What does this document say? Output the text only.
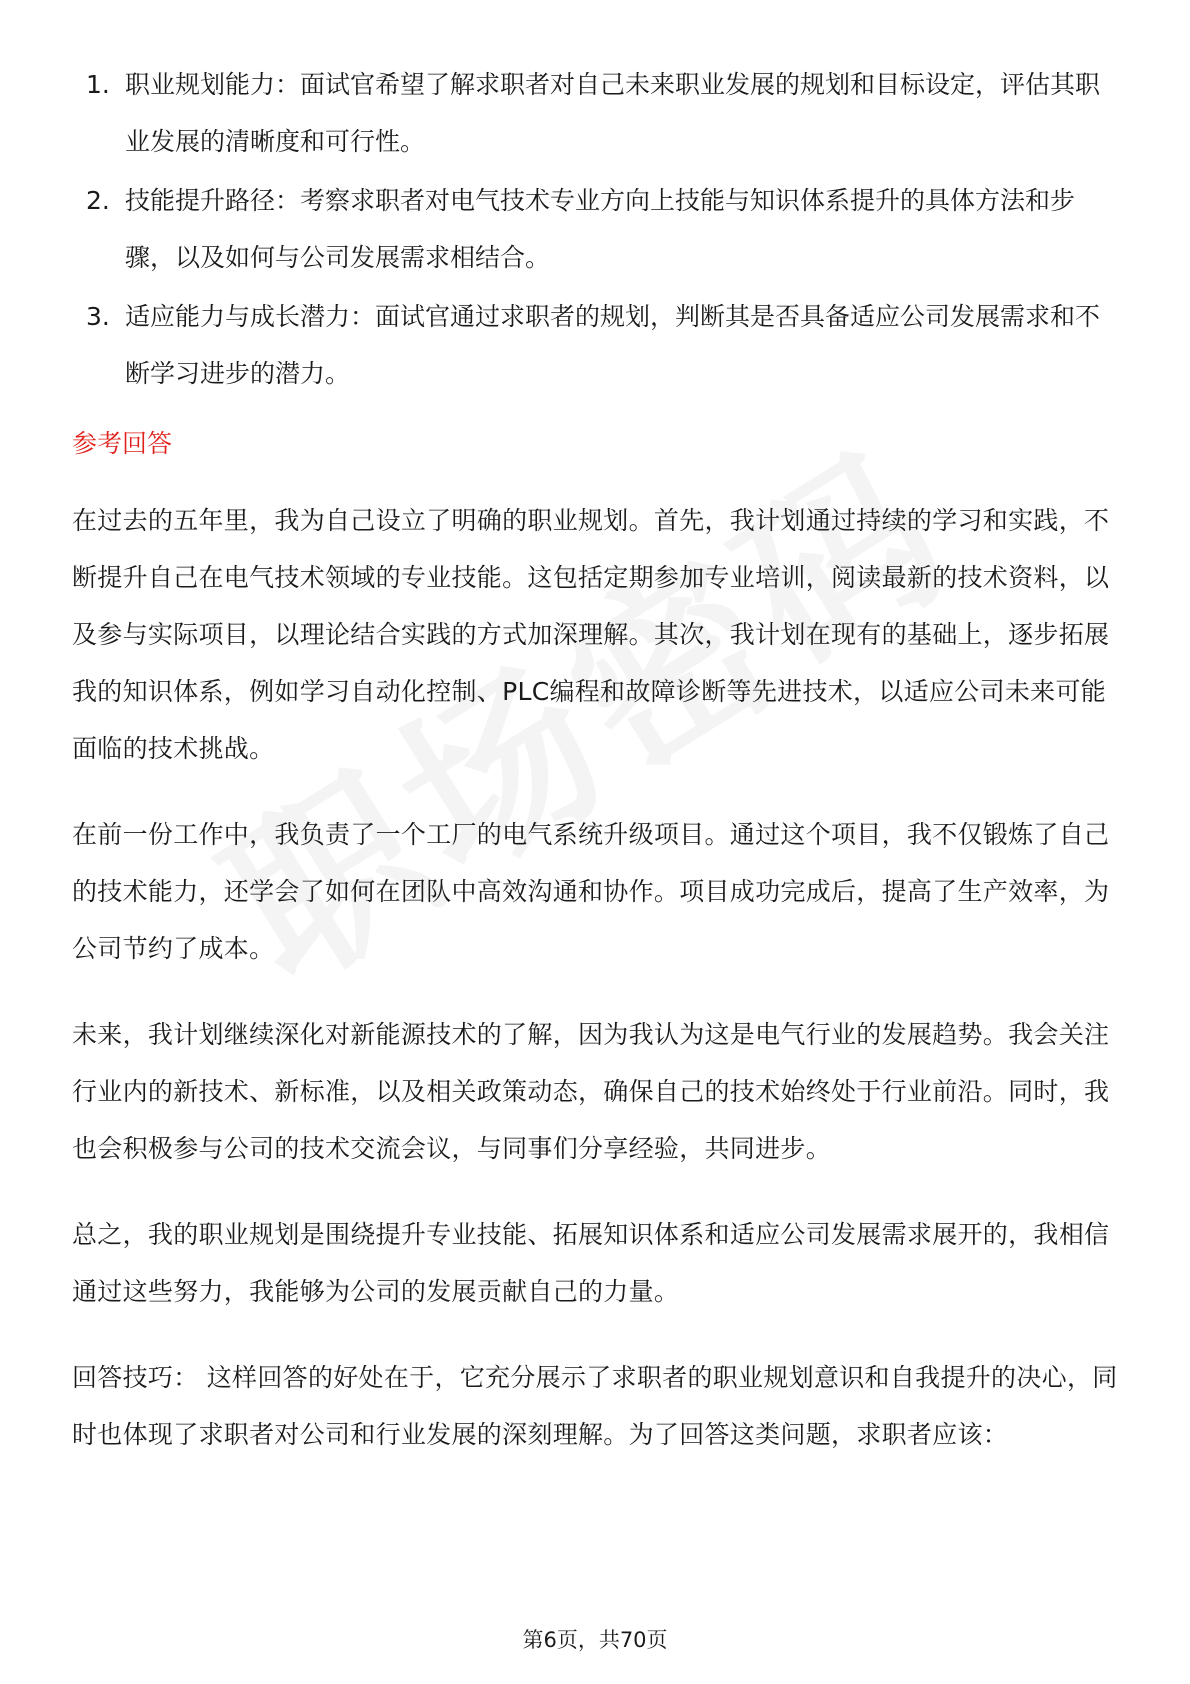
1. 职业规划能力：面试官希望了解求职者对自己未来职业发展的规划和目标设定，评估其职业发展的清晰度和可行性。
2. 技能提升路径：考察求职者对电气技术专业方向上技能与知识体系提升的具体方法和步骤，以及如何与公司发展需求相结合。
3. 适应能力与成长潜力：面试官通过求职者的规划，判断其是否具备适应公司发展需求和不断学习进步的潜力。
参考回答

在过去的五年里，我为自己设立了明确的职业规划。首先，我计划通过持续的学习和实践，不断提升自己在电气技术领域的专业技能。这包括定期参加专业培训，阅读最新的技术资料，以及参与实际项目，以理论结合实践的方式加深理解。其次，我计划在现有的基础上，逐步拓展我的知识体系，例如学习自动化控制、PLC编程和故障诊断等先进技术，以适应公司未来可能面临的技术挑战。

在前一份工作中，我负责了一个工厂的电气系统升级项目。通过这个项目，我不仅锻炼了自己的技术能力，还学会了如何在团队中高效沟通和协作。项目成功完成后，提高了生产效率，为公司节约了成本。

未来，我计划继续深化对新能源技术的了解，因为我认为这是电气行业的发展趋势。我会关注行业内的新技术、新标准，以及相关政策动态，确保自己的技术始终处于行业前沿。同时，我也会积极参与公司的技术交流会议，与同事们分享经验，共同进步。

总之，我的职业规划是围绕提升专业技能、拓展知识体系和适应公司发展需求展开的，我相信通过这些努力，我能够为公司的发展贡献自己的力量。

回答技巧： 这样回答的好处在于，它充分展示了求职者的职业规划意识和自我提升的决心，同时也体现了求职者对公司和行业发展的深刻理解。为了回答这类问题，求职者应该：

第6页，共70页
